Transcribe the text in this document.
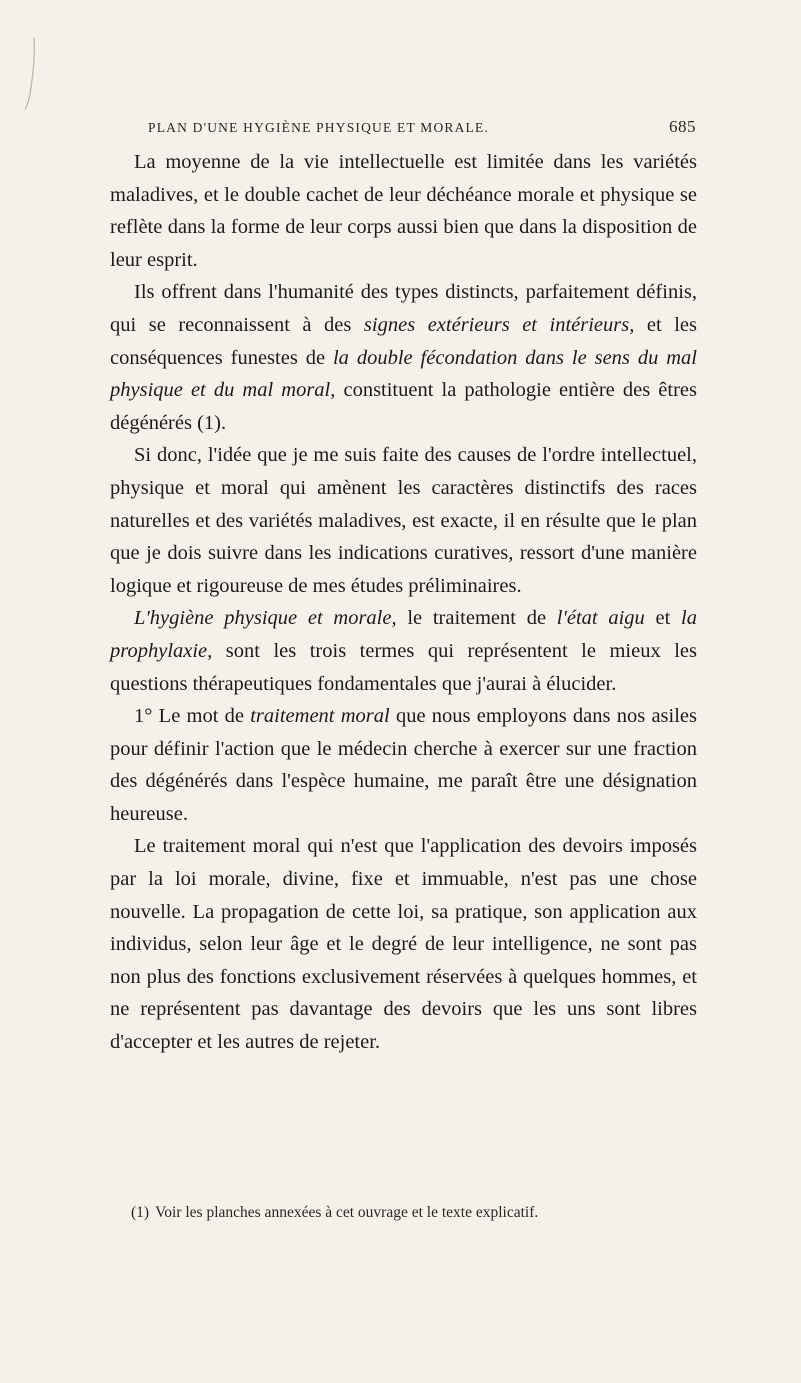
PLAN D'UNE HYGIÈNE PHYSIQUE ET MORALE.	685

La moyenne de la vie intellectuelle est limitée dans les variétés maladives, et le double cachet de leur déchéance morale et physique se reflète dans la forme de leur corps aussi bien que dans la disposition de leur esprit.

Ils offrent dans l'humanité des types distincts, parfaitement définis, qui se reconnaissent à des signes extérieurs et intérieurs, et les conséquences funestes de la double fécondation dans le sens du mal physique et du mal moral, constituent la pathologie entière des êtres dégénérés (1).

Si donc, l'idée que je me suis faite des causes de l'ordre intellectuel, physique et moral qui amènent les caractères distinctifs des races naturelles et des variétés maladives, est exacte, il en résulte que le plan que je dois suivre dans les indications curatives, ressort d'une manière logique et rigoureuse de mes études préliminaires.

L'hygiène physique et morale, le traitement de l'état aigu et la prophylaxie, sont les trois termes qui représentent le mieux les questions thérapeutiques fondamentales que j'aurai à élucider.

1° Le mot de traitement moral que nous employons dans nos asiles pour définir l'action que le médecin cherche à exercer sur une fraction des dégénérés dans l'espèce humaine, me paraît être une désignation heureuse.

Le traitement moral qui n'est que l'application des devoirs imposés par la loi morale, divine, fixe et immuable, n'est pas une chose nouvelle. La propagation de cette loi, sa pratique, son application aux individus, selon leur âge et le degré de leur intelligence, ne sont pas non plus des fonctions exclusivement réservées à quelques hommes, et ne représentent pas davantage des devoirs que les uns sont libres d'accepter et les autres de rejeter.

(1) Voir les planches annexées à cet ouvrage et le texte explicatif.
